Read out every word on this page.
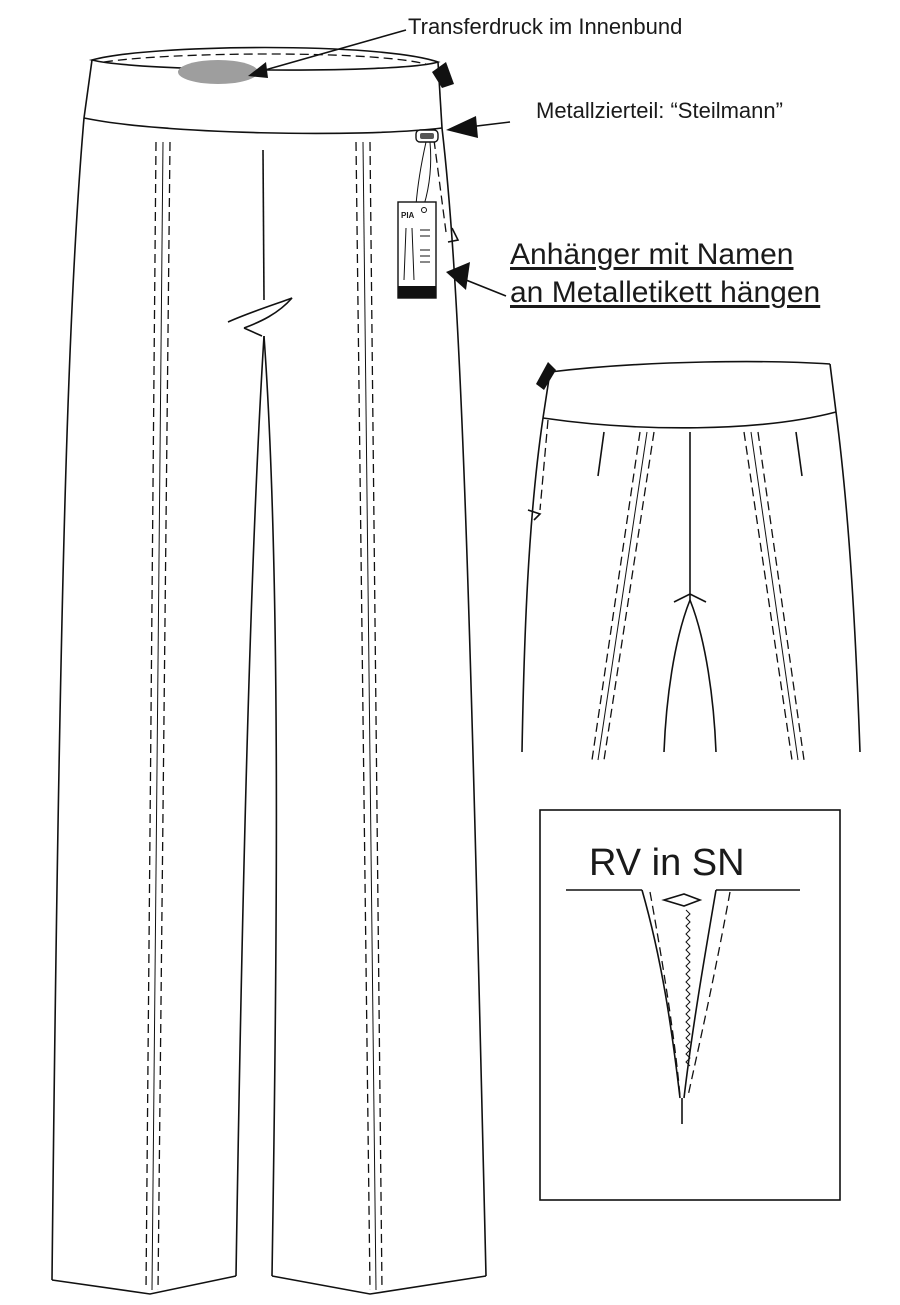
Transferdruck im Innenbund
Metallzierteil: “Steilmann”
Anhänger mit Namen
an Metalletikett hängen
RV in SN
PIA
